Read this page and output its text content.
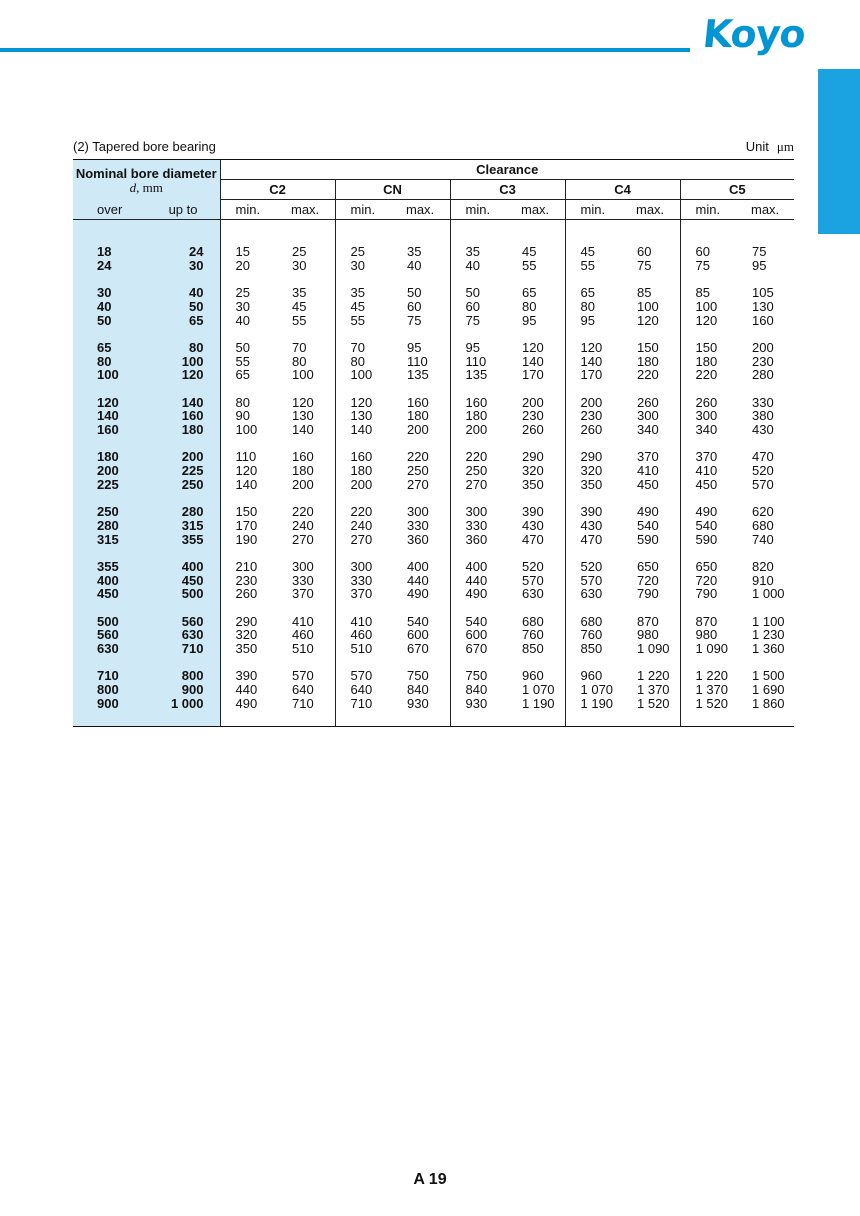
Koyo
(2) Tapered bore bearing	Unit μm
Nominal bore diameter
d, mm		Clearance									
		C2		CN		C3		C4		C5	
over	up to	min.	max.	min.	max.	min.	max.	min.	max.	min.	max.

18	24	15	25	25	35	35	45	45	60	60	75
24	30	20	30	30	40	40	55	55	75	75	95

30	40	25	35	35	50	50	65	65	85	85	105
40	50	30	45	45	60	60	80	80	100	100	130
50	65	40	55	55	75	75	95	95	120	120	160

65	80	50	70	70	95	95	120	120	150	150	200
80	100	55	80	80	110	110	140	140	180	180	230
100	120	65	100	100	135	135	170	170	220	220	280

120	140	80	120	120	160	160	200	200	260	260	330
140	160	90	130	130	180	180	230	230	300	300	380
160	180	100	140	140	200	200	260	260	340	340	430

180	200	110	160	160	220	220	290	290	370	370	470
200	225	120	180	180	250	250	320	320	410	410	520
225	250	140	200	200	270	270	350	350	450	450	570

250	280	150	220	220	300	300	390	390	490	490	620
280	315	170	240	240	330	330	430	430	540	540	680
315	355	190	270	270	360	360	470	470	590	590	740

355	400	210	300	300	400	400	520	520	650	650	820
400	450	230	330	330	440	440	570	570	720	720	910
450	500	260	370	370	490	490	630	630	790	790	1 000

500	560	290	410	410	540	540	680	680	870	870	1 100
560	630	320	460	460	600	600	760	760	980	980	1 230
630	710	350	510	510	670	670	850	850	1 090	1 090	1 360

710	800	390	570	570	750	750	960	960	1 220	1 220	1 500
800	900	440	640	640	840	840	1 070	1 070	1 370	1 370	1 690
900	1 000	490	710	710	930	930	1 190	1 190	1 520	1 520	1 860

A 19
